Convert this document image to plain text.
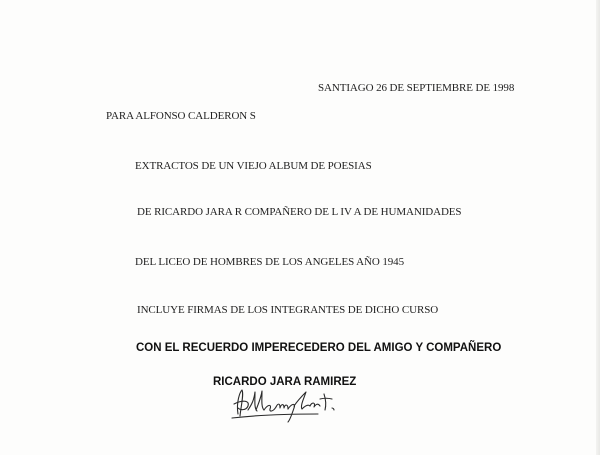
SANTIAGO 26 DE SEPTIEMBRE DE 1998
PARA ALFONSO CALDERON S
EXTRACTOS DE UN VIEJO ALBUM DE POESIAS
DE RICARDO JARA R COMPAÑERO DE L IV A DE HUMANIDADES
DEL LICEO DE HOMBRES DE LOS ANGELES AÑO 1945
INCLUYE FIRMAS DE LOS INTEGRANTES DE DICHO CURSO
CON EL RECUERDO IMPERECEDERO DEL AMIGO Y COMPAÑERO
RICARDO JARA RAMIREZ
